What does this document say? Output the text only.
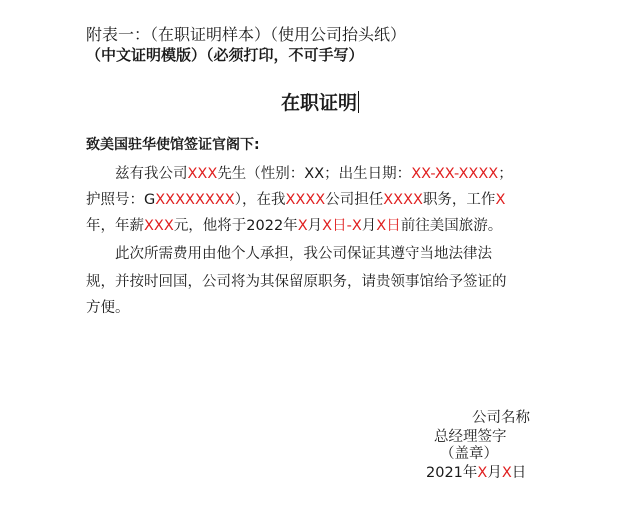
附表一：（在职证明样本）（使用公司抬头纸）
（中文证明模版）（必须打印，不可手写）
在职证明
致美国驻华使馆签证官阁下:
　　兹有我公司XXX先生（性别：XX；出生日期：XX-XX-XXXX；
护照号：GXXXXXXXX），在我XXXX公司担任XXXX职务，工作X
年，年薪XXX元，他将于2022年X月X日-X月X日前往美国旅游。
　　此次所需费用由他个人承担，我公司保证其遵守当地法律法
规，并按时回国，公司将为其保留原职务，请贵领事馆给予签证的
方便。
公司名称
总经理签字
（盖章）
2021年X月X日
